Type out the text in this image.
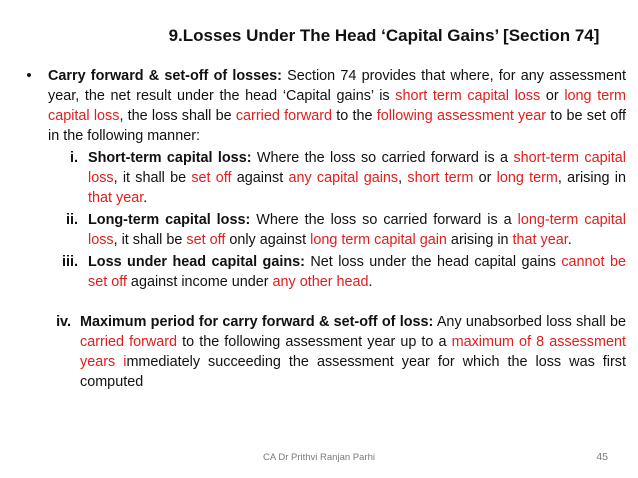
9.Losses Under The Head ‘Capital Gains’ [Section 74]
•	Carry forward & set-off of losses: Section 74 provides that where, for any assessment year, the net result under the head ‘Capital gains’ is short term capital loss or long term capital loss, the loss shall be carried forward to the following assessment year to be set off in the following manner:
i. Short-term capital loss: Where the loss so carried forward is a short-term capital loss, it shall be set off against any capital gains, short term or long term, arising in that year.
ii. Long-term capital loss: Where the loss so carried forward is a long-term capital loss, it shall be set off only against long term capital gain arising in that year.
iii. Loss under head capital gains: Net loss under the head capital gains cannot be set off against income under any other head.
iv. Maximum period for carry forward & set-off of loss: Any unabsorbed loss shall be carried forward to the following assessment year up to a maximum of 8 assessment years immediately succeeding the assessment year for which the loss was first computed
CA Dr Prithvi Ranjan Parhi	45
